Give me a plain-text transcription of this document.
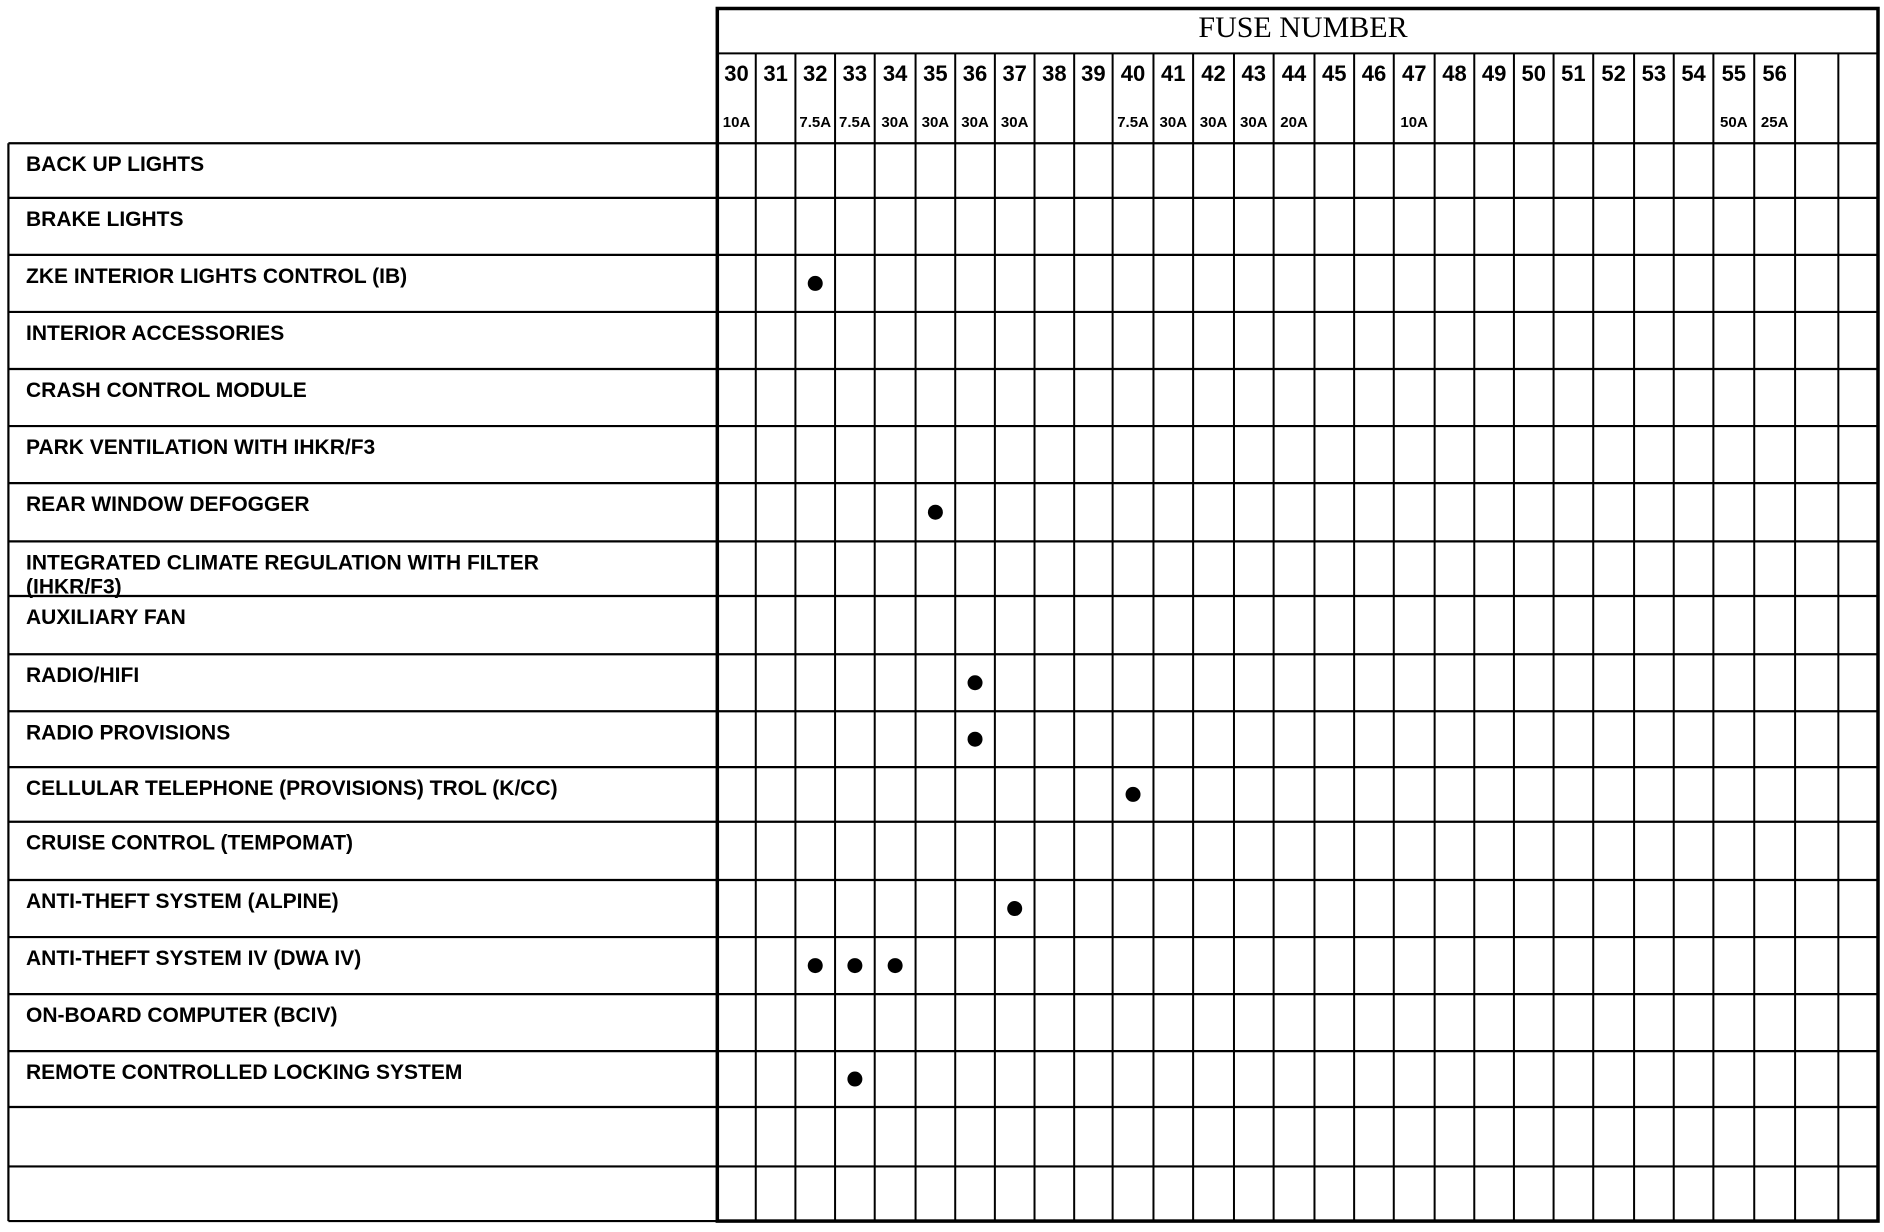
FUSE NUMBER
30
10A
31 32
7.5A
33
7.5A
34
30A
35
30A
36
30A
37
30A
38 39 40
7.5A
41
30A
42
30A
43
30A
44
20A
45 46 47
10A
48 49 50 51 52 53 54 55
50A
56
25A
BACK UP LIGHTS
BRAKE LIGHTS
ZKE INTERIOR LIGHTS CONTROL (IB)
INTERIOR ACCESSORIES
CRASH CONTROL MODULE
PARK VENTILATION WITH IHKR/F3
REAR WINDOW DEFOGGER
INTEGRATED CLIMATE REGULATION WITH FILTER
(IHKR/F3)
AUXILIARY FAN
RADIO/HIFI
RADIO PROVISIONS
CELLULAR TELEPHONE (PROVISIONS) TROL (K/CC)
CRUISE CONTROL (TEMPOMAT)
ANTI-THEFT SYSTEM (ALPINE)
ANTI-THEFT SYSTEM IV (DWA IV)
ON-BOARD COMPUTER (BCIV)
REMOTE CONTROLLED LOCKING SYSTEM
